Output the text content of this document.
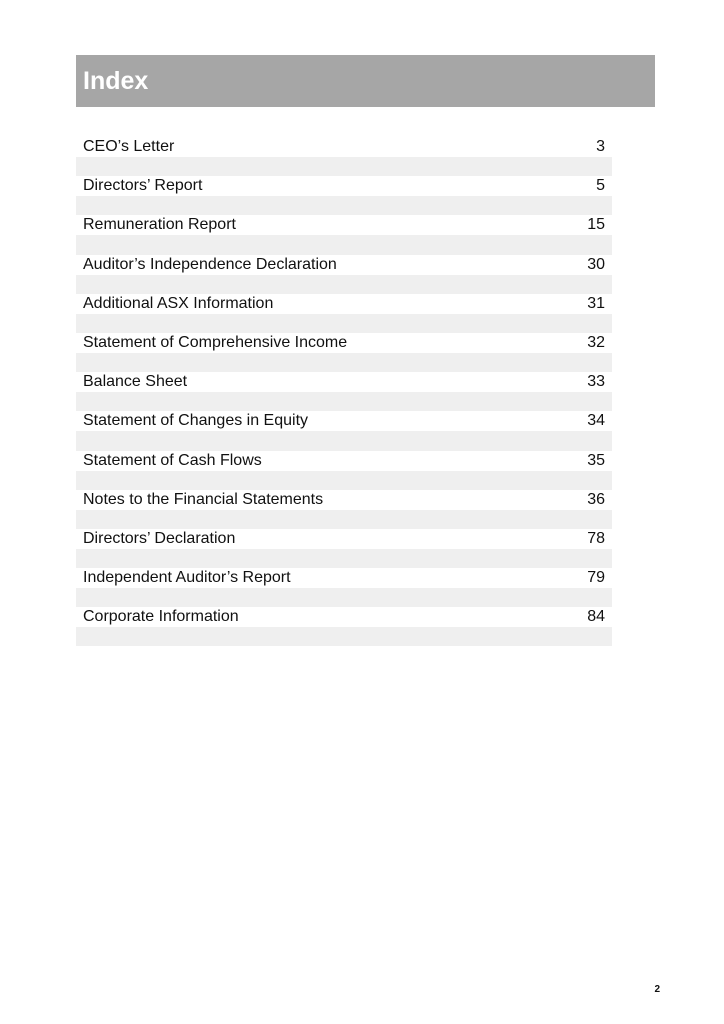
Index
CEO’s Letter	3
Directors’ Report	5
Remuneration Report	15
Auditor’s Independence Declaration	30
Additional ASX Information	31
Statement of Comprehensive Income	32
Balance Sheet	33
Statement of Changes in Equity	34
Statement of Cash Flows	35
Notes to the Financial Statements	36
Directors’ Declaration	78
Independent Auditor’s Report	79
Corporate Information	84
2
